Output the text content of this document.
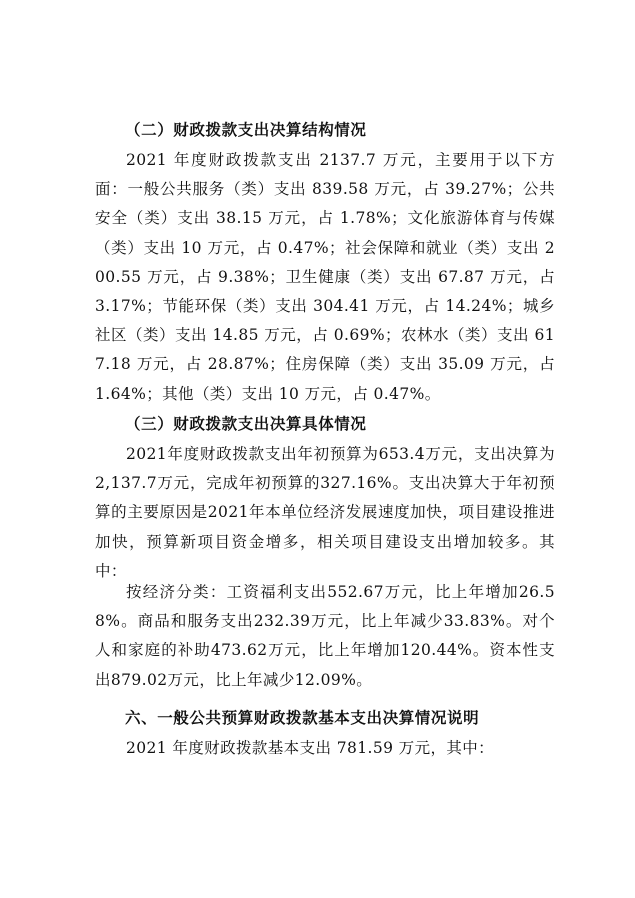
（二）财政拨款支出决算结构情况

2021 年度财政拨款支出 2137.7 万元，主要用于以下方面：一般公共服务（类）支出 839.58 万元，占 39.27%；公共安全（类）支出 38.15 万元，占 1.78%；文化旅游体育与传媒（类）支出 10 万元，占 0.47%；社会保障和就业（类）支出 200.55 万元，占 9.38%；卫生健康（类）支出 67.87 万元，占 3.17%；节能环保（类）支出 304.41 万元，占 14.24%；城乡社区（类）支出 14.85 万元，占 0.69%；农林水（类）支出 617.18 万元，占 28.87%；住房保障（类）支出 35.09 万元，占 1.64%；其他（类）支出 10 万元，占 0.47%。

（三）财政拨款支出决算具体情况

2021年度财政拨款支出年初预算为653.4万元，支出决算为2,137.7万元，完成年初预算的327.16%。支出决算大于年初预算的主要原因是2021年本单位经济发展速度加快，项目建设推进加快，预算新项目资金增多，相关项目建设支出增加较多。其中：

按经济分类：工资福利支出552.67万元，比上年增加26.58%。商品和服务支出232.39万元，比上年减少33.83%。对个人和家庭的补助473.62万元，比上年增加120.44%。资本性支出879.02万元，比上年减少12.09%。

六、一般公共预算财政拨款基本支出决算情况说明

2021 年度财政拨款基本支出 781.59 万元，其中：
